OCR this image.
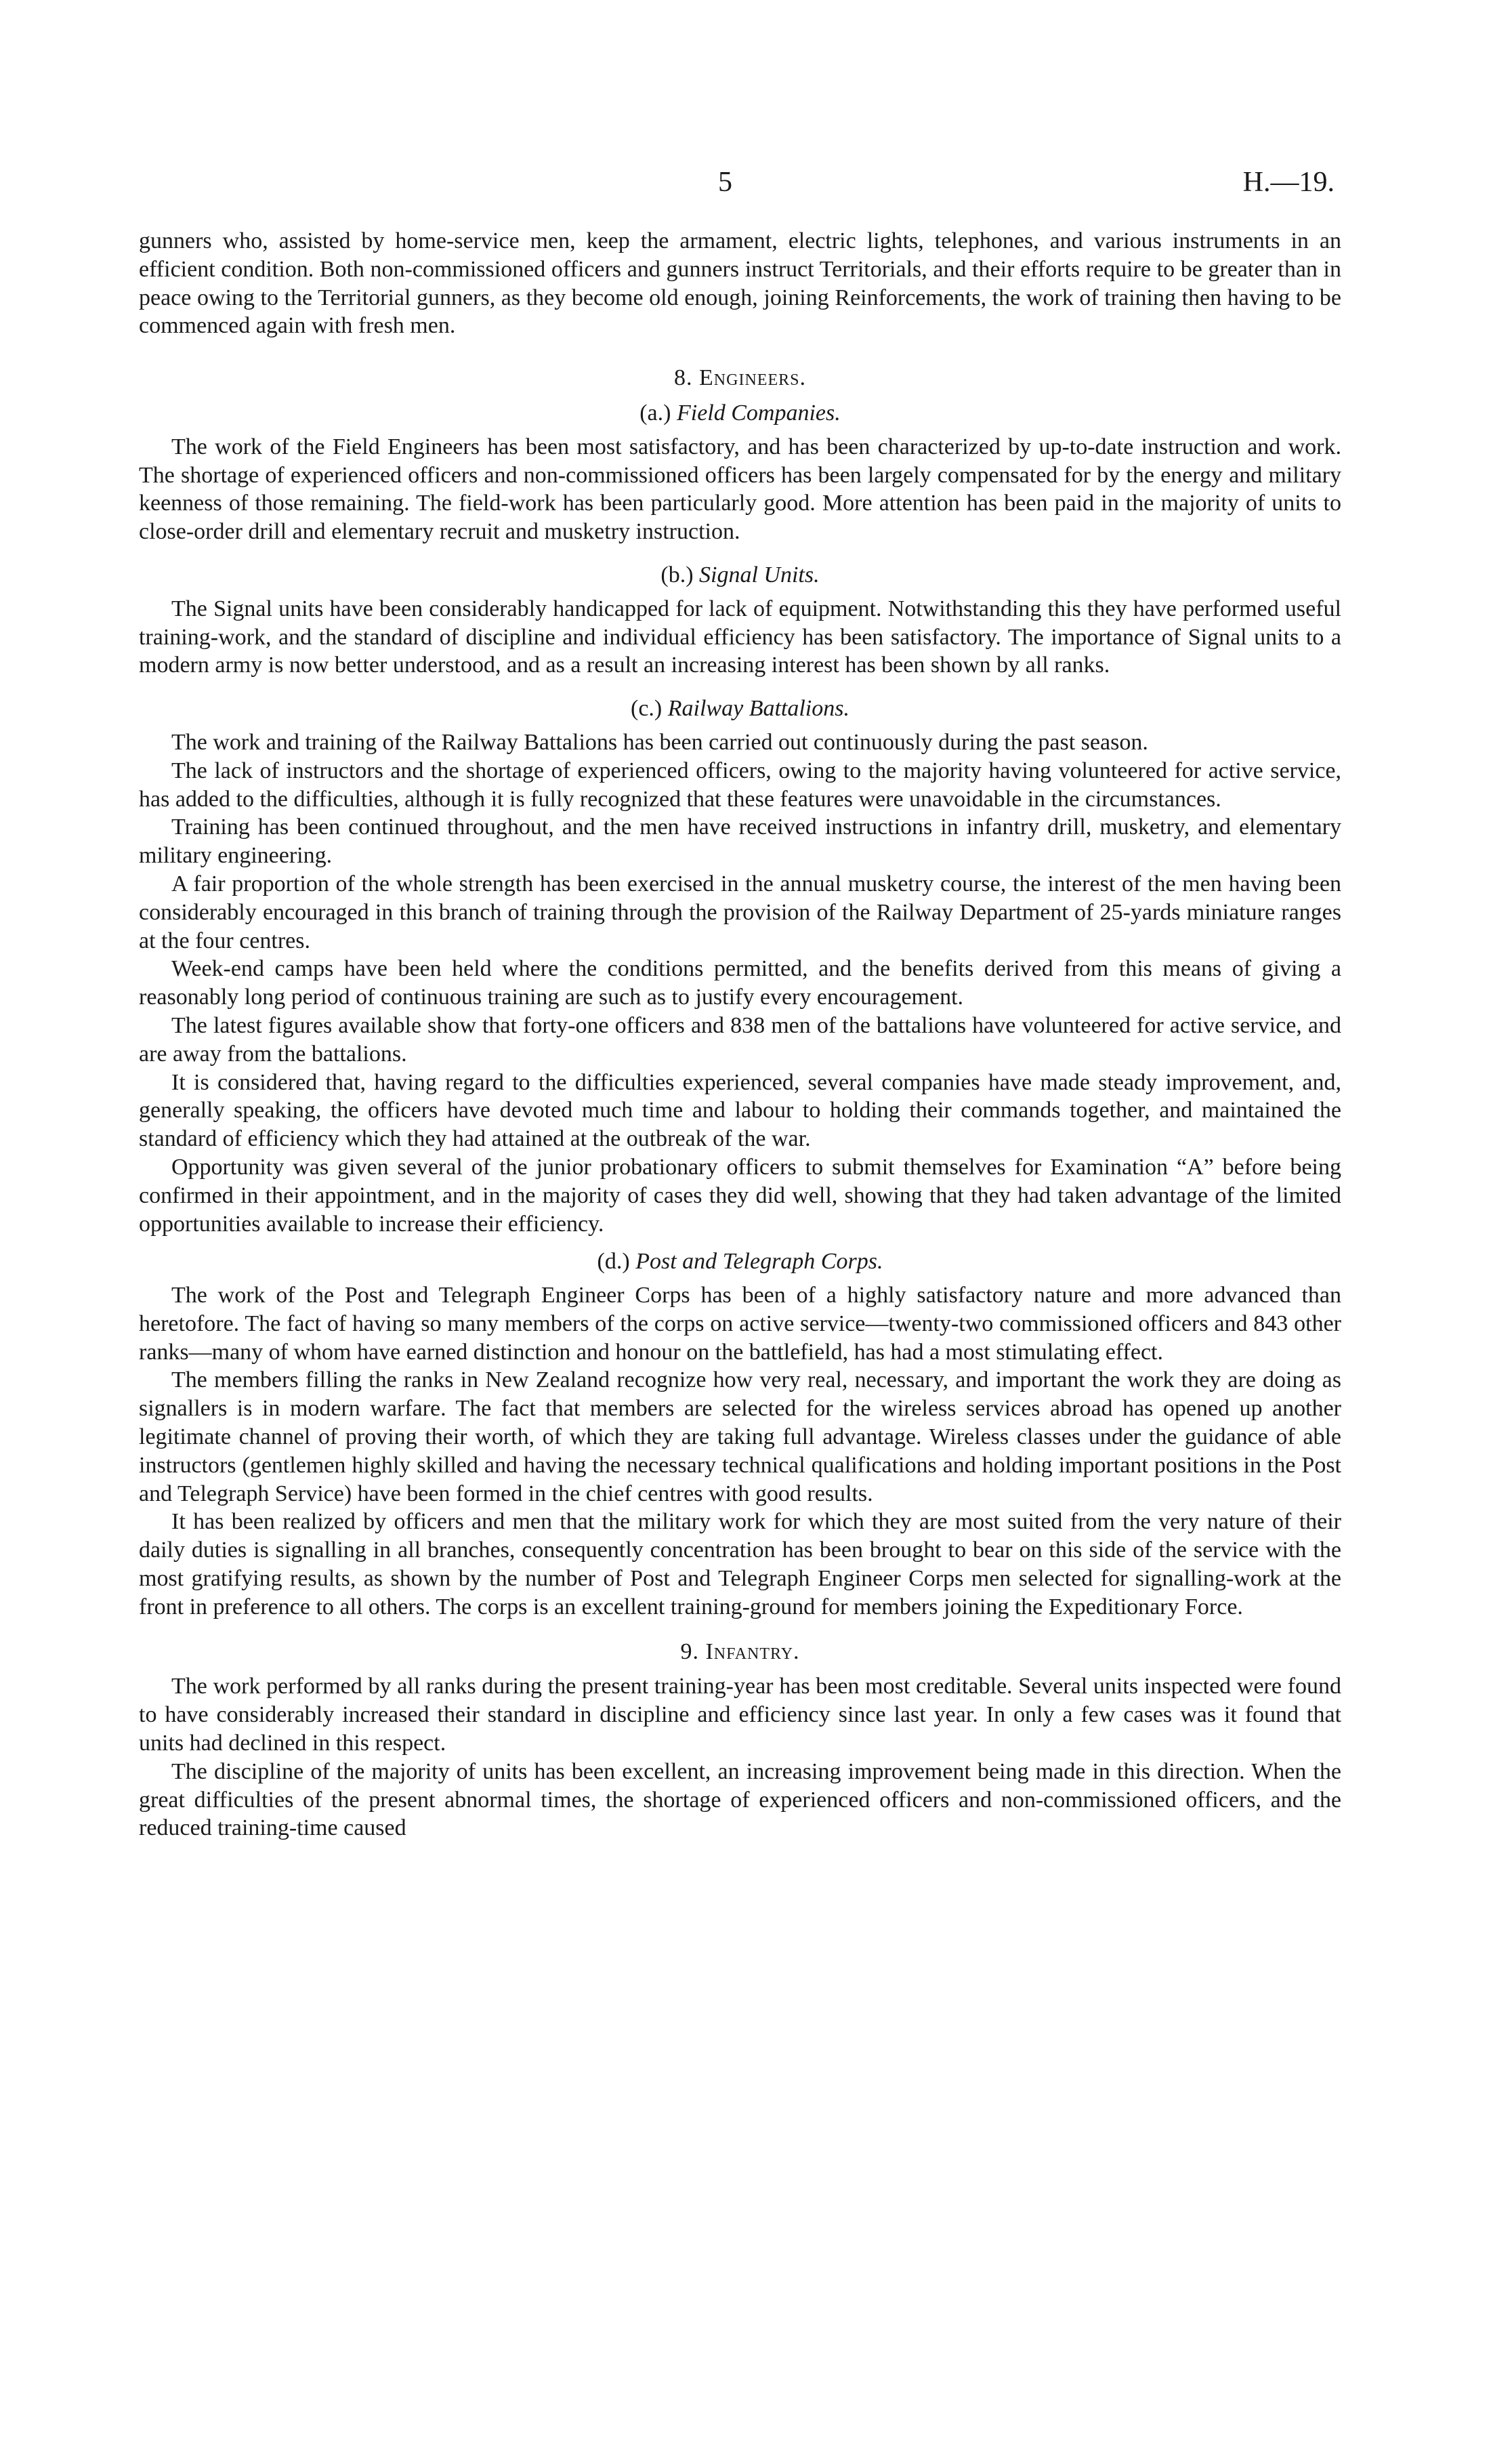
5	H.—19.

gunners who, assisted by home-service men, keep the armament, electric lights, telephones, and various instruments in an efficient condition. Both non-commissioned officers and gunners instruct Territorials, and their efforts require to be greater than in peace owing to the Territorial gunners, as they become old enough, joining Reinforcements, the work of training then having to be commenced again with fresh men.

8. Engineers.
(a.) Field Companies.

The work of the Field Engineers has been most satisfactory, and has been characterized by up-to-date instruction and work. The shortage of experienced officers and non-commissioned officers has been largely compensated for by the energy and military keenness of those remaining. The field-work has been particularly good. More attention has been paid in the majority of units to close-order drill and elementary recruit and musketry instruction.

(b.) Signal Units.

The Signal units have been considerably handicapped for lack of equipment. Notwithstanding this they have performed useful training-work, and the standard of discipline and individual efficiency has been satisfactory. The importance of Signal units to a modern army is now better understood, and as a result an increasing interest has been shown by all ranks.

(c.) Railway Battalions.

The work and training of the Railway Battalions has been carried out continuously during the past season.

The lack of instructors and the shortage of experienced officers, owing to the majority having volunteered for active service, has added to the difficulties, although it is fully recognized that these features were unavoidable in the circumstances.

Training has been continued throughout, and the men have received instructions in infantry drill, musketry, and elementary military engineering.

A fair proportion of the whole strength has been exercised in the annual musketry course, the interest of the men having been considerably encouraged in this branch of training through the provision of the Railway Department of 25-yards miniature ranges at the four centres.

Week-end camps have been held where the conditions permitted, and the benefits derived from this means of giving a reasonably long period of continuous training are such as to justify every encouragement.

The latest figures available show that forty-one officers and 838 men of the battalions have volunteered for active service, and are away from the battalions.

It is considered that, having regard to the difficulties experienced, several companies have made steady improvement, and, generally speaking, the officers have devoted much time and labour to holding their commands together, and maintained the standard of efficiency which they had attained at the outbreak of the war.

Opportunity was given several of the junior probationary officers to submit themselves for Examination “A” before being confirmed in their appointment, and in the majority of cases they did well, showing that they had taken advantage of the limited opportunities available to increase their efficiency.

(d.) Post and Telegraph Corps.

The work of the Post and Telegraph Engineer Corps has been of a highly satisfactory nature and more advanced than heretofore. The fact of having so many members of the corps on active service—twenty-two commissioned officers and 843 other ranks—many of whom have earned distinction and honour on the battlefield, has had a most stimulating effect.

The members filling the ranks in New Zealand recognize how very real, necessary, and important the work they are doing as signallers is in modern warfare. The fact that members are selected for the wireless services abroad has opened up another legitimate channel of proving their worth, of which they are taking full advantage. Wireless classes under the guidance of able instructors (gentlemen highly skilled and having the necessary technical qualifications and holding important positions in the Post and Telegraph Service) have been formed in the chief centres with good results.

It has been realized by officers and men that the military work for which they are most suited from the very nature of their daily duties is signalling in all branches, consequently concentration has been brought to bear on this side of the service with the most gratifying results, as shown by the number of Post and Telegraph Engineer Corps men selected for signalling-work at the front in preference to all others. The corps is an excellent training-ground for members joining the Expeditionary Force.

9. Infantry.

The work performed by all ranks during the present training-year has been most creditable. Several units inspected were found to have considerably increased their standard in discipline and efficiency since last year. In only a few cases was it found that units had declined in this respect.

The discipline of the majority of units has been excellent, an increasing improvement being made in this direction. When the great difficulties of the present abnormal times, the shortage of experienced officers and non-commissioned officers, and the reduced training-time caused
